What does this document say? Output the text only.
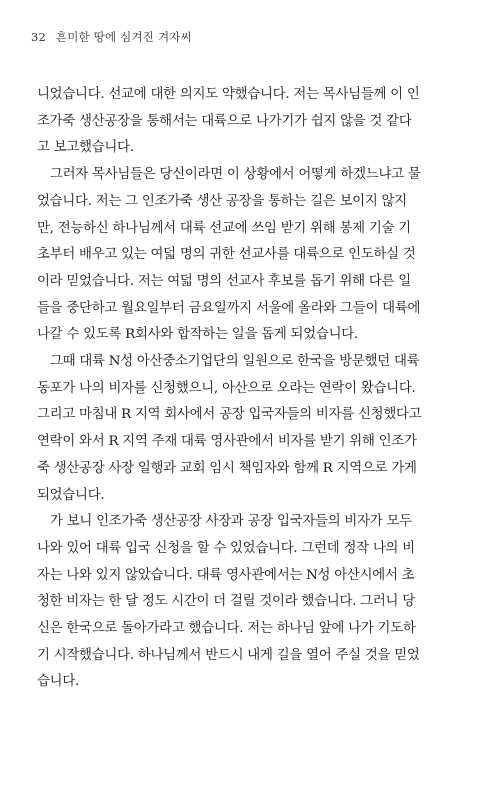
32 흔미한 땅에 심겨진 겨자씨
니었습니다. 선교에 대한 의지도 약했습니다. 저는 목사님들께 이 인
조가죽 생산공장을 통해서는 대륙으로 나가기가 쉽지 않을 것 같다
고 보고했습니다.
그러자 목사님들은 당신이라면 이 상황에서 어떻게 하겠느냐고 물
었습니다. 저는 그 인조가죽 생산 공장을 통하는 길은 보이지 않지
만, 전능하신 하나님께서 대륙 선교에 쓰임 받기 위해 봉제 기술 기
초부터 배우고 있는 여덟 명의 귀한 선교사를 대륙으로 인도하실 것
이라 믿었습니다. 저는 여덟 명의 선교사 후보를 돕기 위해 다른 일
들을 중단하고 월요일부터 금요일까지 서울에 올라와 그들이 대륙에
나갈 수 있도록 R회사와 합작하는 일을 돕게 되었습니다.
그때 대륙 N성 아산중소기업단의 일원으로 한국을 방문했던 대륙
동포가 나의 비자를 신청했으니, 아산으로 오라는 연락이 왔습니다.
그리고 마침내 R 지역 회사에서 공장 입국자들의 비자를 신청했다고
연락이 와서 R 지역 주재 대륙 영사관에서 비자를 받기 위해 인조가
죽 생산공장 사장 일행과 교회 임시 책임자와 함께 R 지역으로 가게
되었습니다.
가 보니 인조가죽 생산공장 사장과 공장 입국자들의 비자가 모두
나와 있어 대륙 입국 신청을 할 수 있었습니다. 그런데 정작 나의 비
자는 나와 있지 않았습니다. 대륙 영사관에서는 N성 아산시에서 초
청한 비자는 한 달 정도 시간이 더 걸릴 것이라 했습니다. 그러니 당
신은 한국으로 돌아가라고 했습니다. 저는 하나님 앞에 나가 기도하
기 시작했습니다. 하나님께서 반드시 내게 길을 열어 주실 것을 믿었
습니다.
